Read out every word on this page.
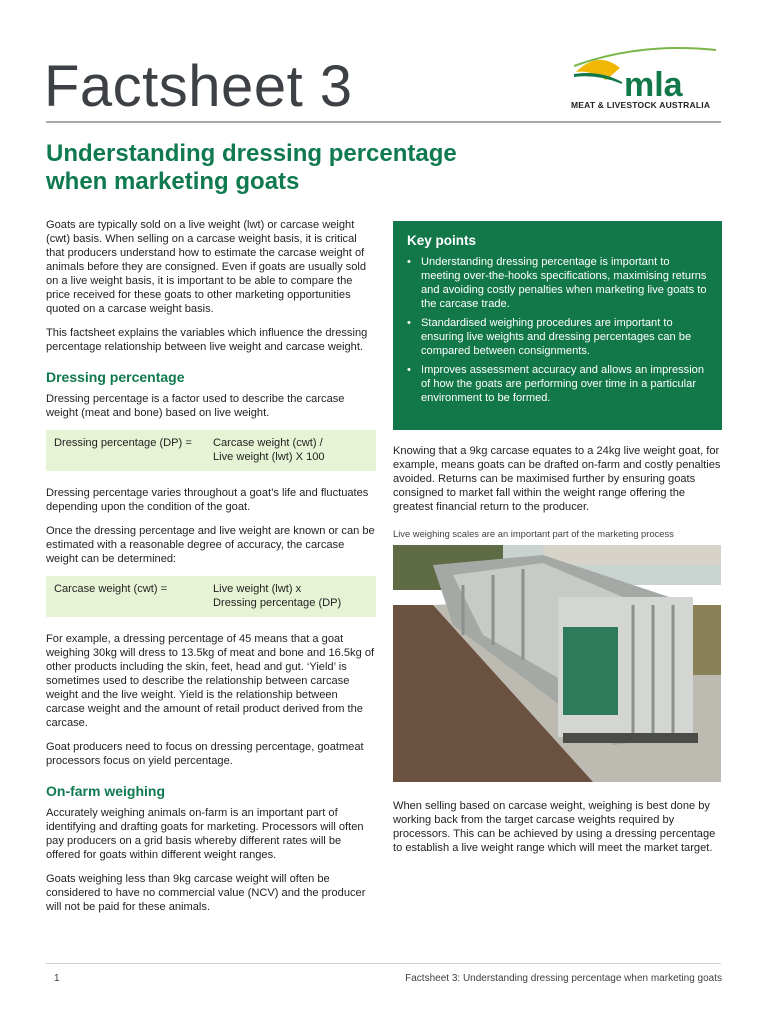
Factsheet 3	mla
MEAT & LIVESTOCK AUSTRALIA
Understanding dressing percentage
when marketing goats

Goats are typically sold on a live weight (lwt) or carcase weight (cwt) basis. When selling on a carcase weight basis, it is critical that producers understand how to estimate the carcase weight of animals before they are consigned. Even if goats are usually sold on a live weight basis, it is important to be able to compare the price received for these goats to other marketing opportunities quoted on a carcase weight basis.

This factsheet explains the variables which influence the dressing percentage relationship between live weight and carcase weight.

Dressing percentage

Dressing percentage is a factor used to describe the carcase weight (meat and bone) based on live weight.

Dressing percentage (DP) =	Carcase weight (cwt) /
Live weight (lwt) X 100

Dressing percentage varies throughout a goat’s life and fluctuates depending upon the condition of the goat.

Once the dressing percentage and live weight are known or can be estimated with a reasonable degree of accuracy, the carcase weight can be determined:

Carcase weight (cwt) =	Live weight (lwt) x
Dressing percentage (DP)

For example, a dressing percentage of 45 means that a goat weighing 30kg will dress to 13.5kg of meat and bone and 16.5kg of other products including the skin, feet, head and gut. ‘Yield’ is sometimes used to describe the relationship between carcase weight and the live weight. Yield is the relationship between carcase weight and the amount of retail product derived from the carcase.

Goat producers need to focus on dressing percentage, goatmeat processors focus on yield percentage.

On-farm weighing

Accurately weighing animals on-farm is an important part of identifying and drafting goats for marketing. Processors will often pay producers on a grid basis whereby different rates will be offered for goats within different weight ranges.

Goats weighing less than 9kg carcase weight will often be considered to have no commercial value (NCV) and the producer will not be paid for these animals.

Key points
• Understanding dressing percentage is important to meeting over-the-hooks specifications, maximising returns and avoiding costly penalties when marketing live goats to the carcase trade.
• Standardised weighing procedures are important to ensuring live weights and dressing percentages can be compared between consignments.
• Improves assessment accuracy and allows an impression of how the goats are performing over time in a particular environment to be formed.
Knowing that a 9kg carcase equates to a 24kg live weight goat, for example, means goats can be drafted on-farm and costly penalties avoided. Returns can be maximised further by ensuring goats consigned to market fall within the weight range offering the greatest financial return to the producer.
Live weighing scales are an important part of the marketing process
When selling based on carcase weight, weighing is best done by working back from the target carcase weights required by processors. This can be achieved by using a dressing percentage to establish a live weight range which will meet the market target.
1	Factsheet 3: Understanding dressing percentage when marketing goats
